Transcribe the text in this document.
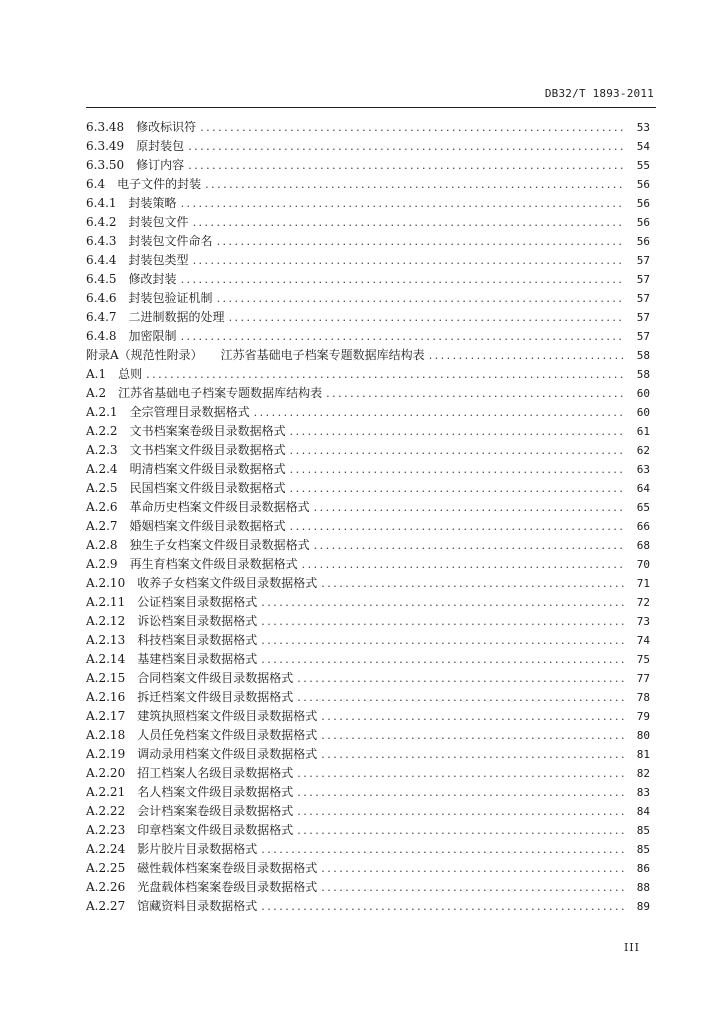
DB32/T 1893-2011
6.3.48	修改标识符 .....	53
6.3.49	原封装包 .....	54
6.3.50	修订内容 .....	55
6.4	电子文件的封装 .....	56
6.4.1	封装策略 .....	56
6.4.2	封装包文件 .....	56
6.4.3	封装包文件命名 .....	56
6.4.4	封装包类型 .....	57
6.4.5	修改封装 .....	57
6.4.6	封装包验证机制 .....	57
6.4.7	二进制数据的处理 .....	57
6.4.8	加密限制 .....	57
附录A（规范性附录）	江苏省基础电子档案专题数据库结构表 .....	58
A.1	总则 .....	58
A.2	江苏省基础电子档案专题数据库结构表 .....	60
A.2.1	全宗管理目录数据格式 .....	60
A.2.2	文书档案案卷级目录数据格式 .....	61
A.2.3	文书档案文件级目录数据格式 .....	62
A.2.4	明清档案文件级目录数据格式 .....	63
A.2.5	民国档案文件级目录数据格式 .....	64
A.2.6	革命历史档案文件级目录数据格式 .....	65
A.2.7	婚姻档案文件级目录数据格式 .....	66
A.2.8	独生子女档案文件级目录数据格式 .....	68
A.2.9	再生育档案文件级目录数据格式 .....	70
A.2.10	收养子女档案文件级目录数据格式 .....	71
A.2.11	公证档案目录数据格式 .....	72
A.2.12	诉讼档案目录数据格式 .....	73
A.2.13	科技档案目录数据格式 .....	74
A.2.14	基建档案目录数据格式 .....	75
A.2.15	合同档案文件级目录数据格式 .....	77
A.2.16	拆迁档案文件级目录数据格式 .....	78
A.2.17	建筑执照档案文件级目录数据格式 .....	79
A.2.18	人员任免档案文件级目录数据格式 .....	80
A.2.19	调动录用档案文件级目录数据格式 .....	81
A.2.20	招工档案人名级目录数据格式 .....	82
A.2.21	名人档案文件级目录数据格式 .....	83
A.2.22	会计档案案卷级目录数据格式 .....	84
A.2.23	印章档案文件级目录数据格式 .....	85
A.2.24	影片胶片目录数据格式 .....	85
A.2.25	磁性载体档案案卷级目录数据格式 .....	86
A.2.26	光盘载体档案案卷级目录数据格式 .....	88
A.2.27	馆藏资料目录数据格式 .....	89
III
